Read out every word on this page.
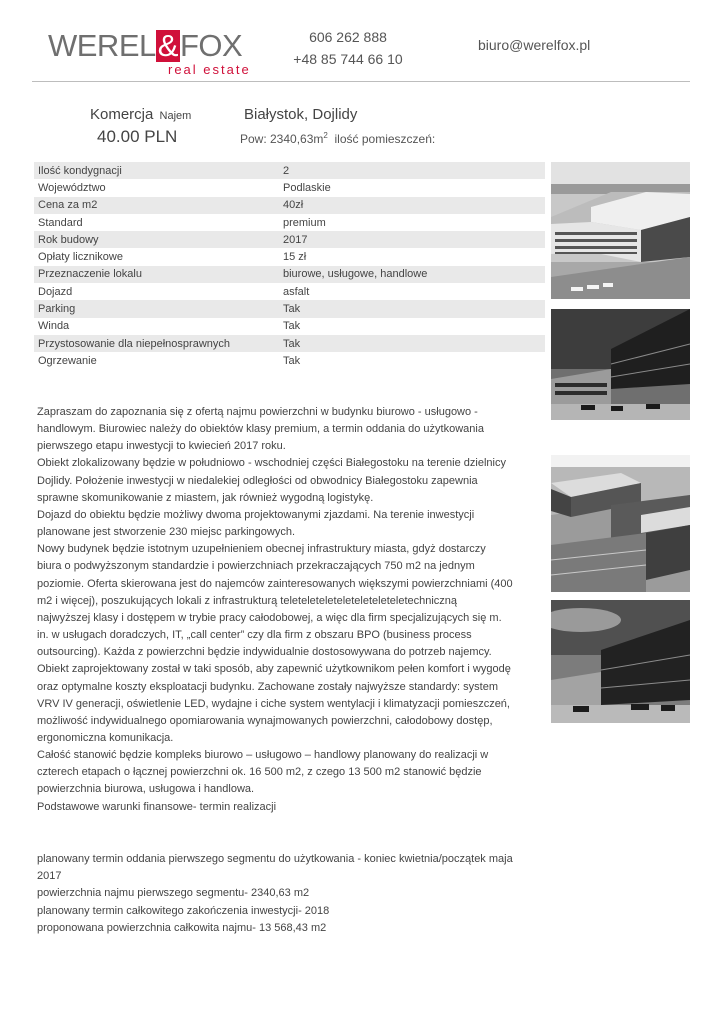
WEREL&FOX
real estate
606 262 888
+48 85 744 66 10
biuro@werelfox.pl
Komercja Najem
40.00 PLN
Białystok, Dojlidy
Pow: $2340,63m^2$ ilość pomieszczeń:
Ilość kondygnacji	2
Województwo	Podlaskie
Cena za m2	40zł
Standard	premium
Rok budowy	2017
Opłaty licznikowe	15 zł
Przeznaczenie lokalu	biurowe, usługowe, handlowe
Dojazd	asfalt
Parking	Tak
Winda	Tak
Przystosowanie dla niepełnosprawnych	Tak
Ogrzewanie	Tak

Zapraszam do zapoznania się z ofertą najmu powierzchni w budynku biurowo - usługowo - handlowym. Biurowiec należy do obiektów klasy premium, a termin oddania do użytkowania pierwszego etapu inwestycji to kwiecień 2017 roku.

Obiekt zlokalizowany będzie w południowo - wschodniej części Białegostoku na terenie dzielnicy Dojlidy. Położenie inwestycji w niedalekiej odległości od obwodnicy Białegostoku zapewnia sprawne skomunikowanie z miastem, jak również wygodną logistykę.

Dojazd do obiektu będzie możliwy dwoma projektowanymi zjazdami. Na terenie inwestycji planowane jest stworzenie 230 miejsc parkingowych.

Nowy budynek będzie istotnym uzupełnieniem obecnej infrastruktury miasta, gdyż dostarczy biura o podwyższonym standardzie i powierzchniach przekraczających 750 m2 na jednym poziomie. Oferta skierowana jest do najemców zainteresowanych większymi powierzchniami (400 m2 i więcej), poszukujących lokali z infrastrukturą teleteleteleteleteleteleteletechniczną najwyższej klasy i dostępem w trybie pracy całodobowej, a więc dla firm specjalizujących się m. in. w usługach doradczych, IT, „call center” czy dla firm z obszaru BPO (business process outsourcing). Każda z powierzchni będzie indywidualnie dostosowywana do potrzeb najemcy.

Obiekt zaprojektowany został w taki sposób, aby zapewnić użytkownikom pełen komfort i wygodę oraz optymalne koszty eksploatacji budynku. Zachowane zostały najwyższe standardy: system VRV IV generacji, oświetlenie LED, wydajne i ciche system wentylacji i klimatyzacji pomieszczeń, możliwość indywidualnego opomiarowania wynajmowanych powierzchni, całodobowy dostęp, ergonomiczna komunikacja.

Całość stanowić będzie kompleks biurowo – usługowo – handlowy planowany do realizacji w czterech etapach o łącznej powierzchni ok. 16 500 m2, z czego 13 500 m2 stanowić będzie powierzchnia biurowa, usługowa i handlowa.

Podstawowe warunki finansowe- termin realizacji

planowany termin oddania pierwszego segmentu do użytkowania - koniec kwietnia/początek maja 2017

powierzchnia najmu pierwszego segmentu- 2340,63 m2

planowany termin całkowitego zakończenia inwestycji- 2018

proponowana powierzchnia całkowita najmu- 13 568,43 m2
